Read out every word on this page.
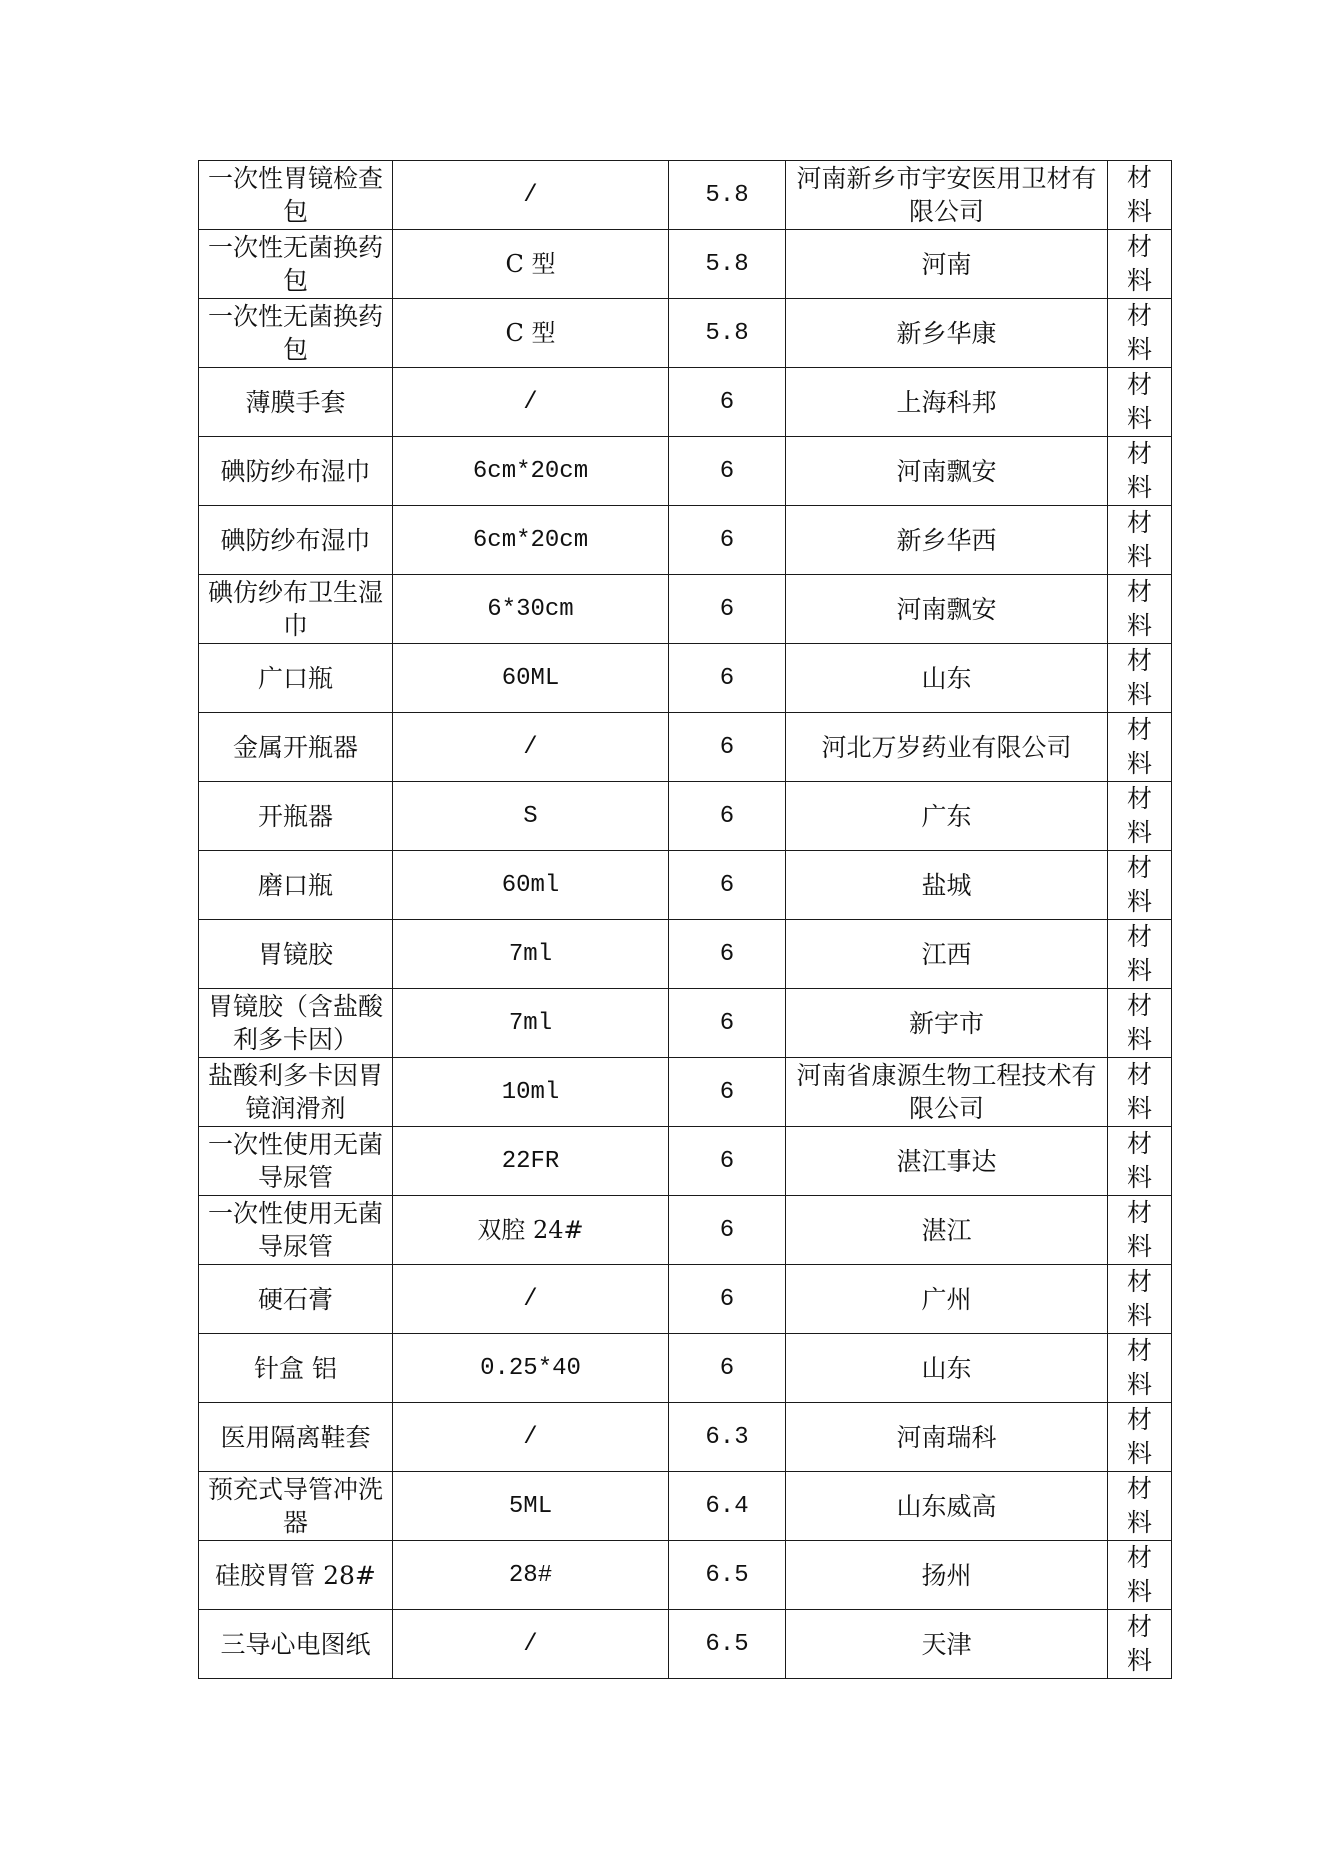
一次性胃镜检查包	/	5.8	河南新乡市宇安医用卫材有限公司	材料
一次性无菌换药包	C 型	5.8	河南	材料
一次性无菌换药包	C 型	5.8	新乡华康	材料
薄膜手套	/	6	上海科邦	材料
碘防纱布湿巾	6cm*20cm	6	河南飘安	材料
碘防纱布湿巾	6cm*20cm	6	新乡华西	材料
碘仿纱布卫生湿巾	6*30cm	6	河南飘安	材料
广口瓶	60ML	6	山东	材料
金属开瓶器	/	6	河北万岁药业有限公司	材料
开瓶器	S	6	广东	材料
磨口瓶	60ml	6	盐城	材料
胃镜胶	7ml	6	江西	材料
胃镜胶（含盐酸利多卡因）	7ml	6	新宇市	材料
盐酸利多卡因胃镜润滑剂	10ml	6	河南省康源生物工程技术有限公司	材料
一次性使用无菌导尿管	22FR	6	湛江事达	材料
一次性使用无菌导尿管	双腔 24#	6	湛江	材料
硬石膏	/	6	广州	材料
针盒 铝	0.25*40	6	山东	材料
医用隔离鞋套	/	6.3	河南瑞科	材料
预充式导管冲洗器	5ML	6.4	山东威高	材料
硅胶胃管 28#	28#	6.5	扬州	材料
三导心电图纸	/	6.5	天津	材料
